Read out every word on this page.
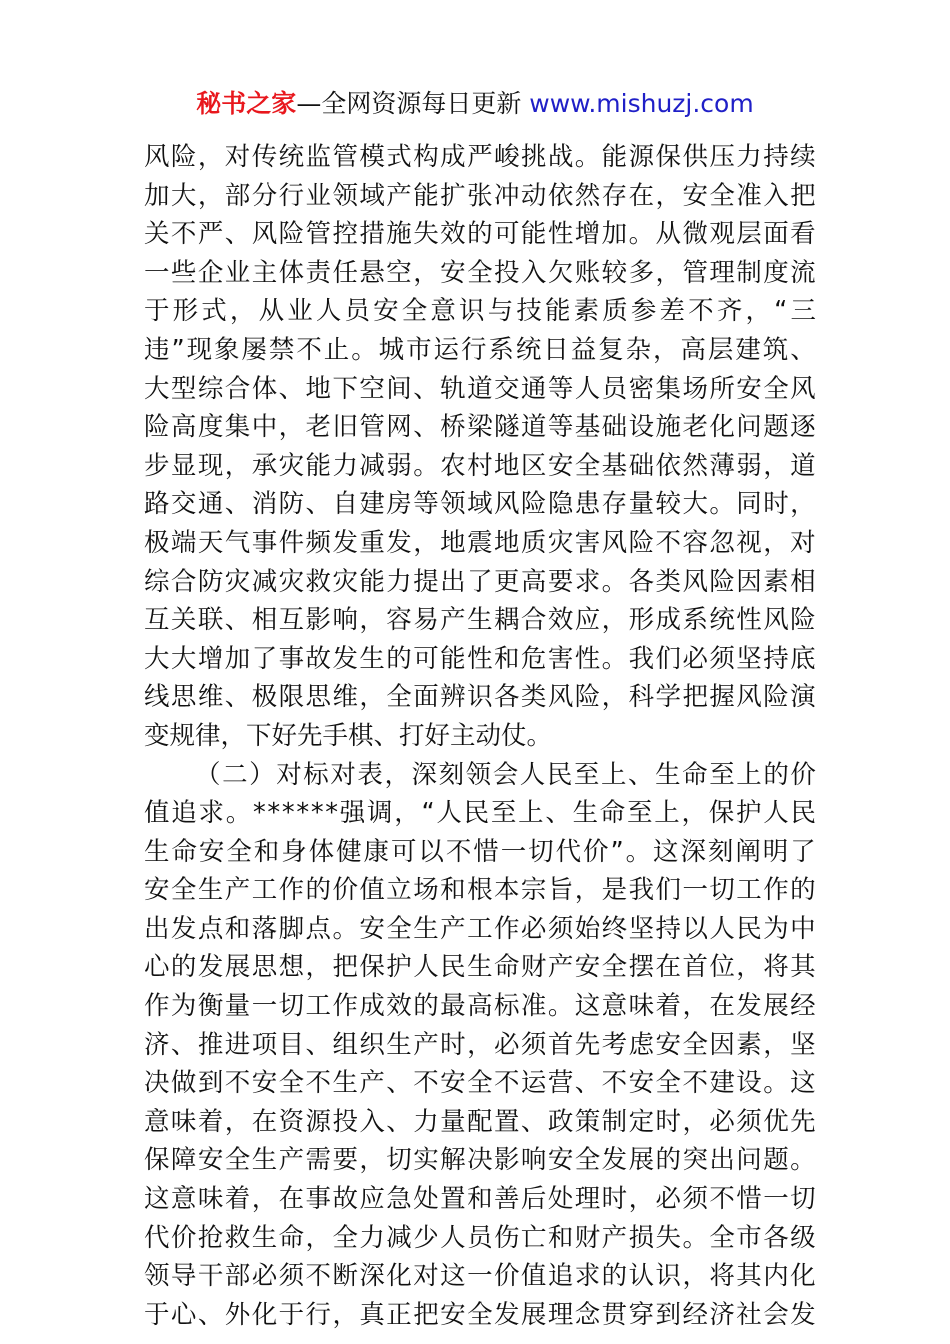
秘书之家—全网资源每日更新 www.mishuzj.com
风 险 ， 对 传 统 监 管 模 式 构 成 严 峻 挑 战 。 能 源 保 供 压 力 持 续
加 大 ， 部 分 行 业 领 域 产 能 扩 张 冲 动 依 然 存 在 ， 安 全 准 入 把
关 不 严 、 风 险 管 控 措 施 失 效 的 可 能 性 增 加 。 从 微 观 层 面 看
一 些 企 业 主 体 责 任 悬 空 ， 安 全 投 入 欠 账 较 多 ， 管 理 制 度 流
于 形 式 ， 从 业 人 员 安 全 意 识 与 技 能 素 质 参 差 不 齐 ， “ 三
违 ” 现 象 屡 禁 不 止 。 城 市 运 行 系 统 日 益 复 杂 ， 高 层 建 筑 、
大 型 综 合 体 、 地 下 空 间 、 轨 道 交 通 等 人 员 密 集 场 所 安 全 风
险 高 度 集 中 ， 老 旧 管 网 、 桥 梁 隧 道 等 基 础 设 施 老 化 问 题 逐
步 显 现 ， 承 灾 能 力 减 弱 。 农 村 地 区 安 全 基 础 依 然 薄 弱 ， 道
路 交 通 、 消 防 、 自 建 房 等 领 域 风 险 隐 患 存 量 较 大 。 同 时 ，
极 端 天 气 事 件 频 发 重 发 ， 地 震 地 质 灾 害 风 险 不 容 忽 视 ， 对
综 合 防 灾 减 灾 救 灾 能 力 提 出 了 更 高 要 求 。 各 类 风 险 因 素 相
互 关 联 、 相 互 影 响 ， 容 易 产 生 耦 合 效 应 ， 形 成 系 统 性 风 险
大 大 增 加 了 事 故 发 生 的 可 能 性 和 危 害 性 。 我 们 必 须 坚 持 底
线 思 维 、 极 限 思 维 ， 全 面 辨 识 各 类 风 险 ， 科 学 把 握 风 险 演
变规律，下好先手棋、打好主动仗。
（ 二 ） 对 标 对 表 ， 深 刻 领 会 人 民 至 上 、 生 命 至 上 的 价
值 追 求 。 * * * * * * 强 调 ， “ 人 民 至 上 、 生 命 至 上 ， 保 护 人 民
生 命 安 全 和 身 体 健 康 可 以 不 惜 一 切 代 价 ” 。 这 深 刻 阐 明 了
安 全 生 产 工 作 的 价 值 立 场 和 根 本 宗 旨 ， 是 我 们 一 切 工 作 的
出 发 点 和 落 脚 点 。 安 全 生 产 工 作 必 须 始 终 坚 持 以 人 民 为 中
心 的 发 展 思 想 ， 把 保 护 人 民 生 命 财 产 安 全 摆 在 首 位 ， 将 其
作 为 衡 量 一 切 工 作 成 效 的 最 高 标 准 。 这 意 味 着 ， 在 发 展 经
济 、 推 进 项 目 、 组 织 生 产 时 ， 必 须 首 先 考 虑 安 全 因 素 ， 坚
决 做 到 不 安 全 不 生 产 、 不 安 全 不 运 营 、 不 安 全 不 建 设 。 这
意 味 着 ， 在 资 源 投 入 、 力 量 配 置 、 政 策 制 定 时 ， 必 须 优 先
保 障 安 全 生 产 需 要 ， 切 实 解 决 影 响 安 全 发 展 的 突 出 问 题 。
这 意 味 着 ， 在 事 故 应 急 处 置 和 善 后 处 理 时 ， 必 须 不 惜 一 切
代 价 抢 救 生 命 ， 全 力 减 少 人 员 伤 亡 和 财 产 损 失 。 全 市 各 级
领 导 干 部 必 须 不 断 深 化 对 这 一 价 值 追 求 的 认 识 ， 将 其 内 化
于 心 、 外 化 于 行 ， 真 正 把 安 全 发 展 理 念 贯 穿 到 经 济 社 会 发
